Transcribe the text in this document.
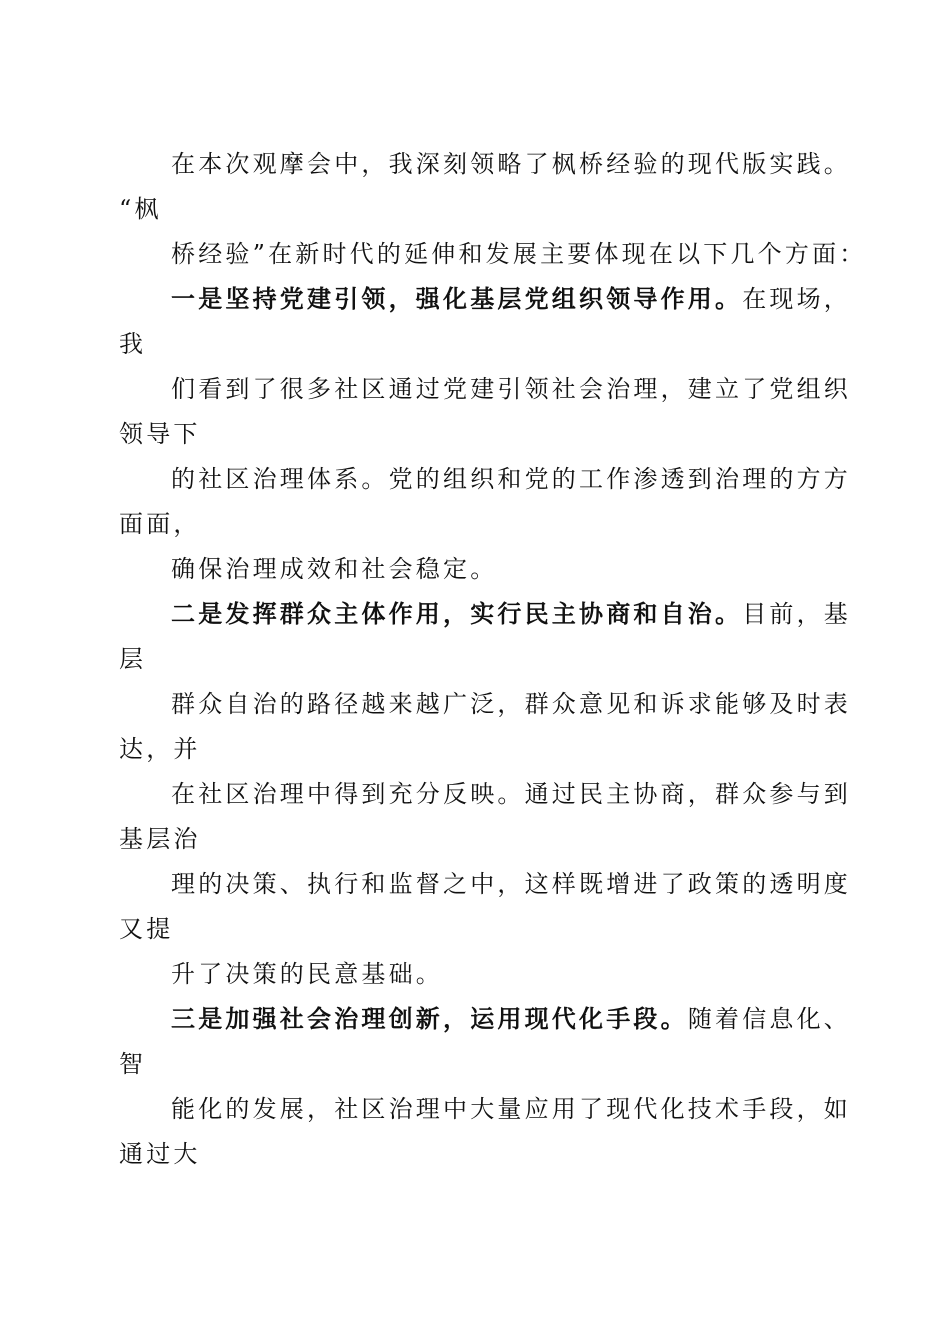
在本次观摩会中，我深刻领略了枫桥经验的现代版实践。
“枫
桥经验”在新时代的延伸和发展主要体现在以下几个方面：
一是坚持党建引领，强化基层党组织领导作用。在现场，
我
们看到了很多社区通过党建引领社会治理，建立了党组织
领导下
的社区治理体系。党的组织和党的工作渗透到治理的方方
面面，
确保治理成效和社会稳定。
二是发挥群众主体作用，实行民主协商和自治。目前，基
层
群众自治的路径越来越广泛，群众意见和诉求能够及时表
达，并
在社区治理中得到充分反映。通过民主协商，群众参与到
基层治
理的决策、执行和监督之中，这样既增进了政策的透明度
又提
升了决策的民意基础。
三是加强社会治理创新，运用现代化手段。随着信息化、
智
能化的发展，社区治理中大量应用了现代化技术手段，如
通过大
